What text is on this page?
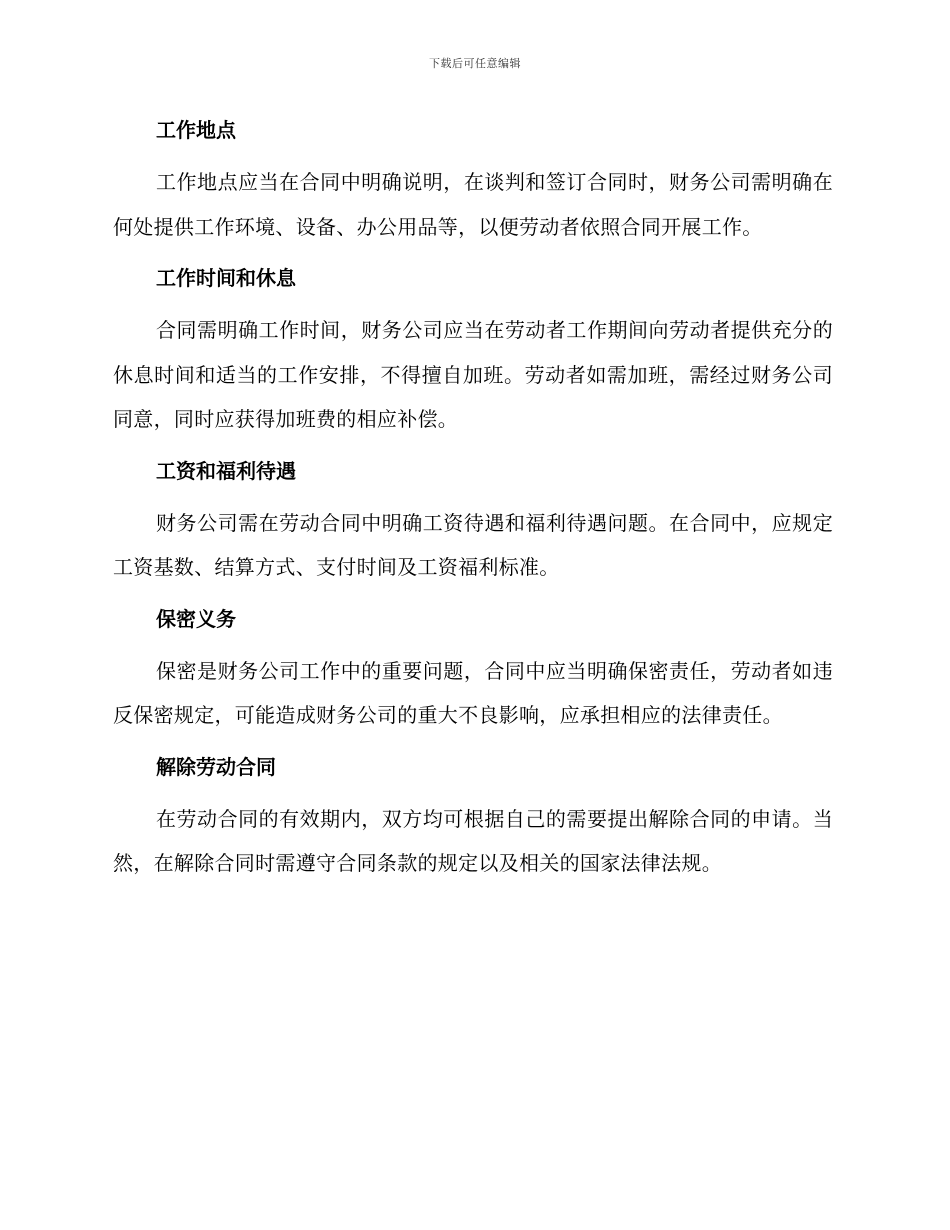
下载后可任意编辑
工作地点

工作地点应当在合同中明确说明，在谈判和签订合同时，财务公司需明确在何处提供工作环境、设备、办公用品等，以便劳动者依照合同开展工作。

工作时间和休息

合同需明确工作时间，财务公司应当在劳动者工作期间向劳动者提供充分的休息时间和适当的工作安排，不得擅自加班。劳动者如需加班，需经过财务公司同意，同时应获得加班费的相应补偿。

工资和福利待遇

财务公司需在劳动合同中明确工资待遇和福利待遇问题。在合同中，应规定工资基数、结算方式、支付时间及工资福利标准。

保密义务

保密是财务公司工作中的重要问题，合同中应当明确保密责任，劳动者如违反保密规定，可能造成财务公司的重大不良影响，应承担相应的法律责任。

解除劳动合同

在劳动合同的有效期内，双方均可根据自己的需要提出解除合同的申请。当然，在解除合同时需遵守合同条款的规定以及相关的国家法律法规。
